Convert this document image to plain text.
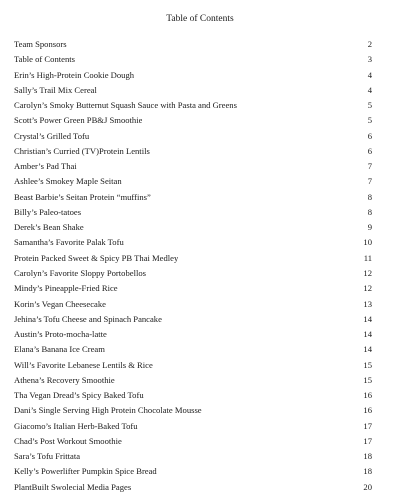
Table of Contents
Team Sponsors	2
Table of Contents	3
Erin’s High-Protein Cookie Dough	4
Sally’s Trail Mix Cereal	4
Carolyn’s Smoky Butternut Squash Sauce with Pasta and Greens	5
Scott’s Power Green PB&J Smoothie	5
Crystal’s Grilled Tofu	6
Christian’s Curried (TV)Protein Lentils	6
Amber’s Pad Thai	7
Ashlee’s Smokey Maple Seitan	7
Beast Barbie’s Seitan Protein “muffins”	8
Billy’s Paleo-tatoes	8
Derek’s Bean Shake	9
Samantha’s Favorite Palak Tofu	10
Protein Packed Sweet & Spicy PB Thai Medley	11
Carolyn’s Favorite Sloppy Portobellos	12
Mindy’s Pineapple-Fried Rice	12
Korin’s Vegan Cheesecake	13
Jehina’s Tofu Cheese and Spinach Pancake	14
Austin’s Proto-mocha-latte	14
Elana’s Banana Ice Cream	14
Will’s Favorite Lebanese Lentils & Rice	15
Athena’s Recovery Smoothie	15
Tha Vegan Dread’s Spicy Baked Tofu	16
Dani’s Single Serving High Protein Chocolate Mousse	16
Giacomo’s Italian Herb-Baked Tofu	17
Chad’s Post Workout Smoothie	17
Sara’s Tofu Frittata	18
Kelly’s Powerlifter Pumpkin Spice Bread	18
PlantBuilt Swolecial Media Pages	20
